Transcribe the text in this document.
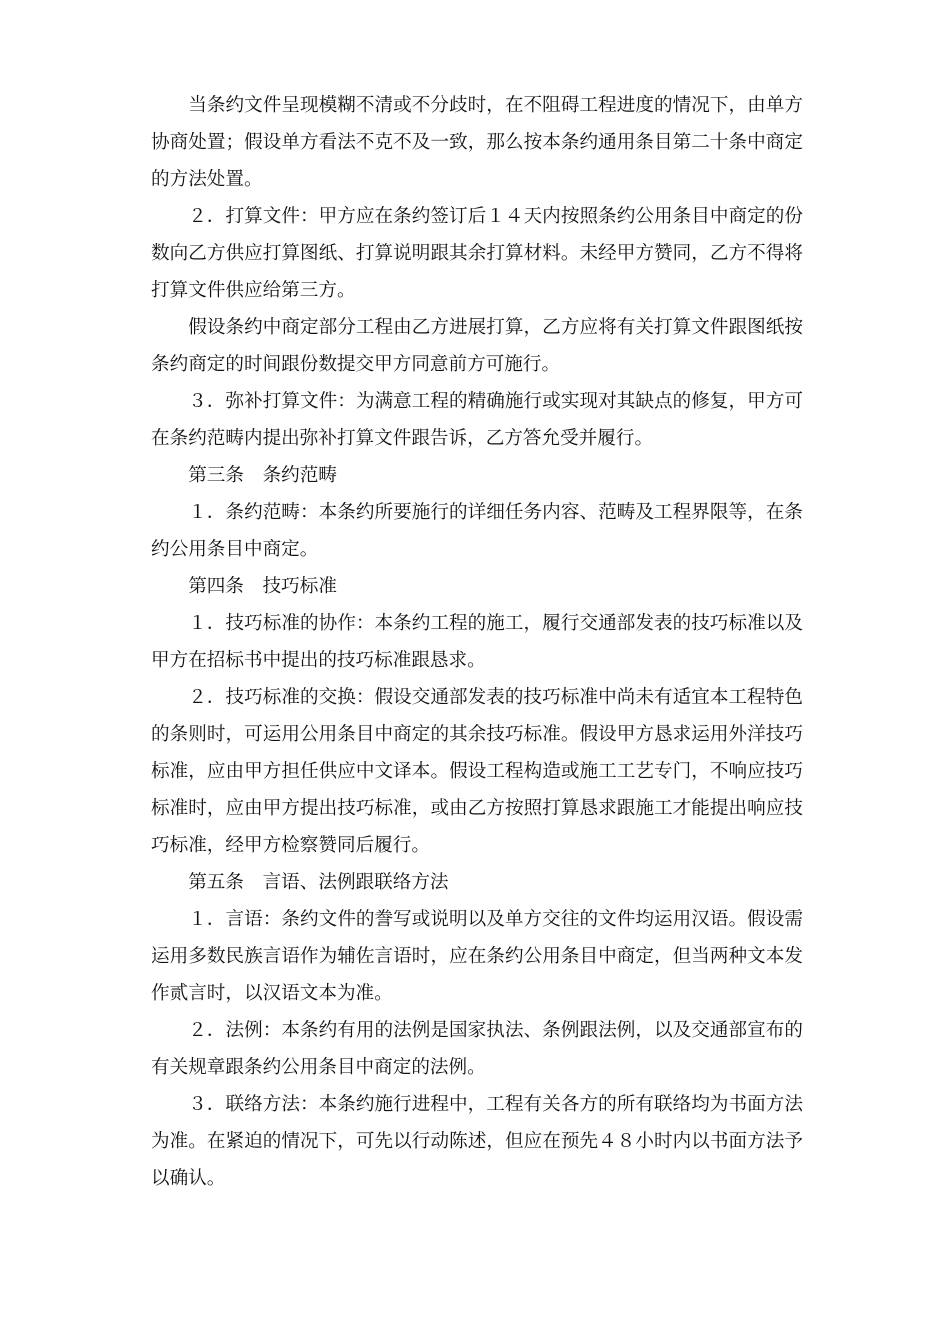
当条约文件呈现模糊不清或不分歧时，在不阻碍工程进度的情况下，由单方协商处置；假设单方看法不克不及一致，那么按本条约通用条目第二十条中商定的方法处置。

２．打算文件：甲方应在条约签订后１４天内按照条约公用条目中商定的份数向乙方供应打算图纸、打算说明跟其余打算材料。未经甲方赞同，乙方不得将打算文件供应给第三方。

假设条约中商定部分工程由乙方进展打算，乙方应将有关打算文件跟图纸按条约商定的时间跟份数提交甲方同意前方可施行。

３．弥补打算文件：为满意工程的精确施行或实现对其缺点的修复，甲方可在条约范畴内提出弥补打算文件跟告诉，乙方答允受并履行。

第三条　条约范畴

１．条约范畴：本条约所要施行的详细任务内容、范畴及工程界限等，在条约公用条目中商定。

第四条　技巧标准

１．技巧标准的协作：本条约工程的施工，履行交通部发表的技巧标准以及甲方在招标书中提出的技巧标准跟恳求。

２．技巧标准的交换：假设交通部发表的技巧标准中尚未有适宜本工程特色的条则时，可运用公用条目中商定的其余技巧标准。假设甲方恳求运用外洋技巧标准，应由甲方担任供应中文译本。假设工程构造或施工工艺专门，不响应技巧标准时，应由甲方提出技巧标准，或由乙方按照打算恳求跟施工才能提出响应技巧标准，经甲方检察赞同后履行。

第五条　言语、法例跟联络方法

１．言语：条约文件的誊写或说明以及单方交往的文件均运用汉语。假设需运用多数民族言语作为辅佐言语时，应在条约公用条目中商定，但当两种文本发作贰言时，以汉语文本为准。

２．法例：本条约有用的法例是国家执法、条例跟法例，以及交通部宣布的有关规章跟条约公用条目中商定的法例。

３．联络方法：本条约施行进程中，工程有关各方的所有联络均为书面方法为准。在紧迫的情况下，可先以行动陈述，但应在预先４８小时内以书面方法予以确认。
